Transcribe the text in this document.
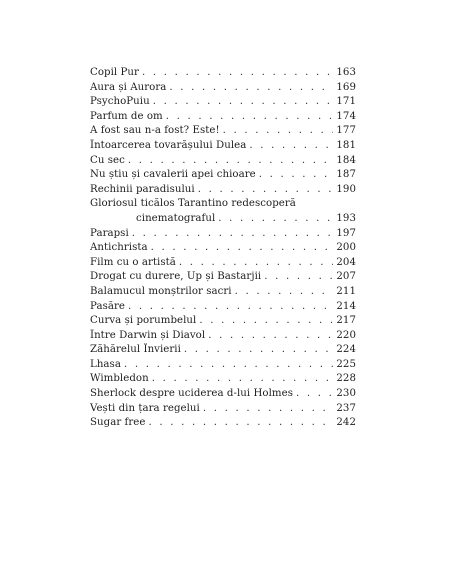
Copil Pur . . .	163
Aura și Aurora . . .	169
PsychoPuiu . . .	171
Parfum de om . . .	174
A fost sau n-a fost? Este! . . .	177
Întoarcerea tovarășului Dulea . . .	181
Cu sec . . .	184
Nu știu și cavalerii apei chioare . . .	187
Rechinii paradisului . . .	190
Gloriosul ticălos Tarantino redescoperă
cinematograful . . .	193
Parapsi . . .	197
Antichrista . . .	200
Film cu o artistă . . .	204
Drogat cu durere, Up și Bastarjii . . .	207
Balamucul monștrilor sacri . . .	211
Pasăre . . .	214
Curva și porumbelul . . .	217
Între Darwin și Diavol . . .	220
Zăhărelul Învierii . . .	224
Lhasa . . .	225
Wimbledon . . .	228
Sherlock despre uciderea d-lui Holmes . . .	230
Vești din țara regelui . . .	237
Sugar free . . .	242
